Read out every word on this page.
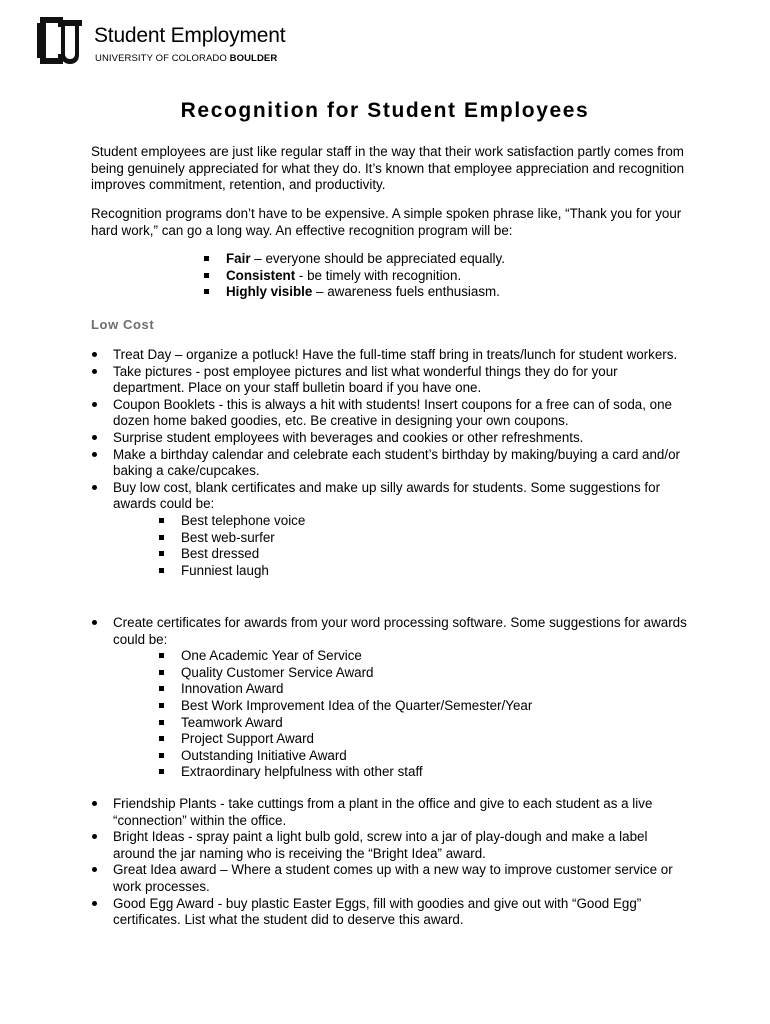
Student Employment
UNIVERSITY OF COLORADO BOULDER
Recognition for Student Employees
Student employees are just like regular staff in the way that their work satisfaction partly comes from being genuinely appreciated for what they do. It’s known that employee appreciation and recognition improves commitment, retention, and productivity.
Recognition programs don’t have to be expensive. A simple spoken phrase like, “Thank you for your hard work,” can go a long way. An effective recognition program will be:
Fair – everyone should be appreciated equally.
Consistent - be timely with recognition.
Highly visible – awareness fuels enthusiasm.
Low Cost
Treat Day – organize a potluck! Have the full-time staff bring in treats/lunch for student workers.
Take pictures - post employee pictures and list what wonderful things they do for your department. Place on your staff bulletin board if you have one.
Coupon Booklets - this is always a hit with students! Insert coupons for a free can of soda, one dozen home baked goodies, etc. Be creative in designing your own coupons.
Surprise student employees with beverages and cookies or other refreshments.
Make a birthday calendar and celebrate each student’s birthday by making/buying a card and/or baking a cake/cupcakes.
Buy low cost, blank certificates and make up silly awards for students. Some suggestions for awards could be:
Best telephone voice
Best web-surfer
Best dressed
Funniest laugh
Create certificates for awards from your word processing software. Some suggestions for awards could be:
One Academic Year of Service
Quality Customer Service Award
Innovation Award
Best Work Improvement Idea of the Quarter/Semester/Year
Teamwork Award
Project Support Award
Outstanding Initiative Award
Extraordinary helpfulness with other staff
Friendship Plants - take cuttings from a plant in the office and give to each student as a live “connection” within the office.
Bright Ideas - spray paint a light bulb gold, screw into a jar of play-dough and make a label around the jar naming who is receiving the “Bright Idea” award.
Great Idea award – Where a student comes up with a new way to improve customer service or work processes.
Good Egg Award - buy plastic Easter Eggs, fill with goodies and give out with “Good Egg” certificates. List what the student did to deserve this award.
